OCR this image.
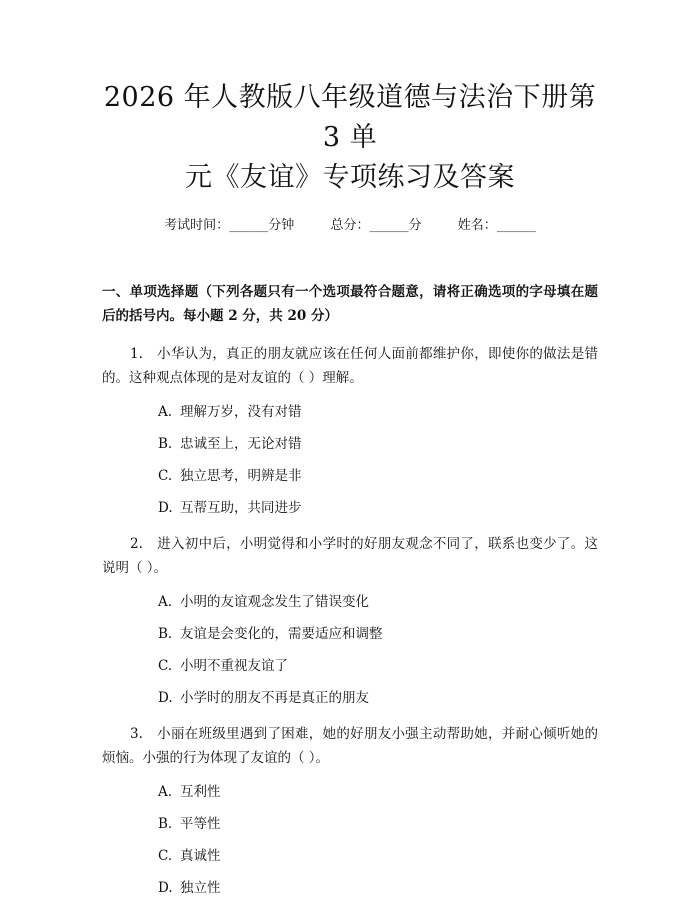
2026 年人教版八年级道德与法治下册第 3 单
元《友谊》专项练习及答案
考试时间：______分钟	总分：______分	姓名：______
一、单项选择题（下列各题只有一个选项最符合题意，请将正确选项的字母填在题后的括号内。每小题 2 分，共 20 分）
1. 小华认为，真正的朋友就应该在任何人面前都维护你，即使你的做法是错的。这种观点体现的是对友谊的（ ）理解。
A. 理解万岁，没有对错
B. 忠诚至上，无论对错
C. 独立思考，明辨是非
D. 互帮互助，共同进步
2. 进入初中后，小明觉得和小学时的好朋友观念不同了，联系也变少了。这说明（ ）。
A. 小明的友谊观念发生了错误变化
B. 友谊是会变化的，需要适应和调整
C. 小明不重视友谊了
D. 小学时的朋友不再是真正的朋友
3. 小丽在班级里遇到了困难，她的好朋友小强主动帮助她，并耐心倾听她的烦恼。小强的行为体现了友谊的（ ）。
A. 互利性
B. 平等性
C. 真诚性
D. 独立性
